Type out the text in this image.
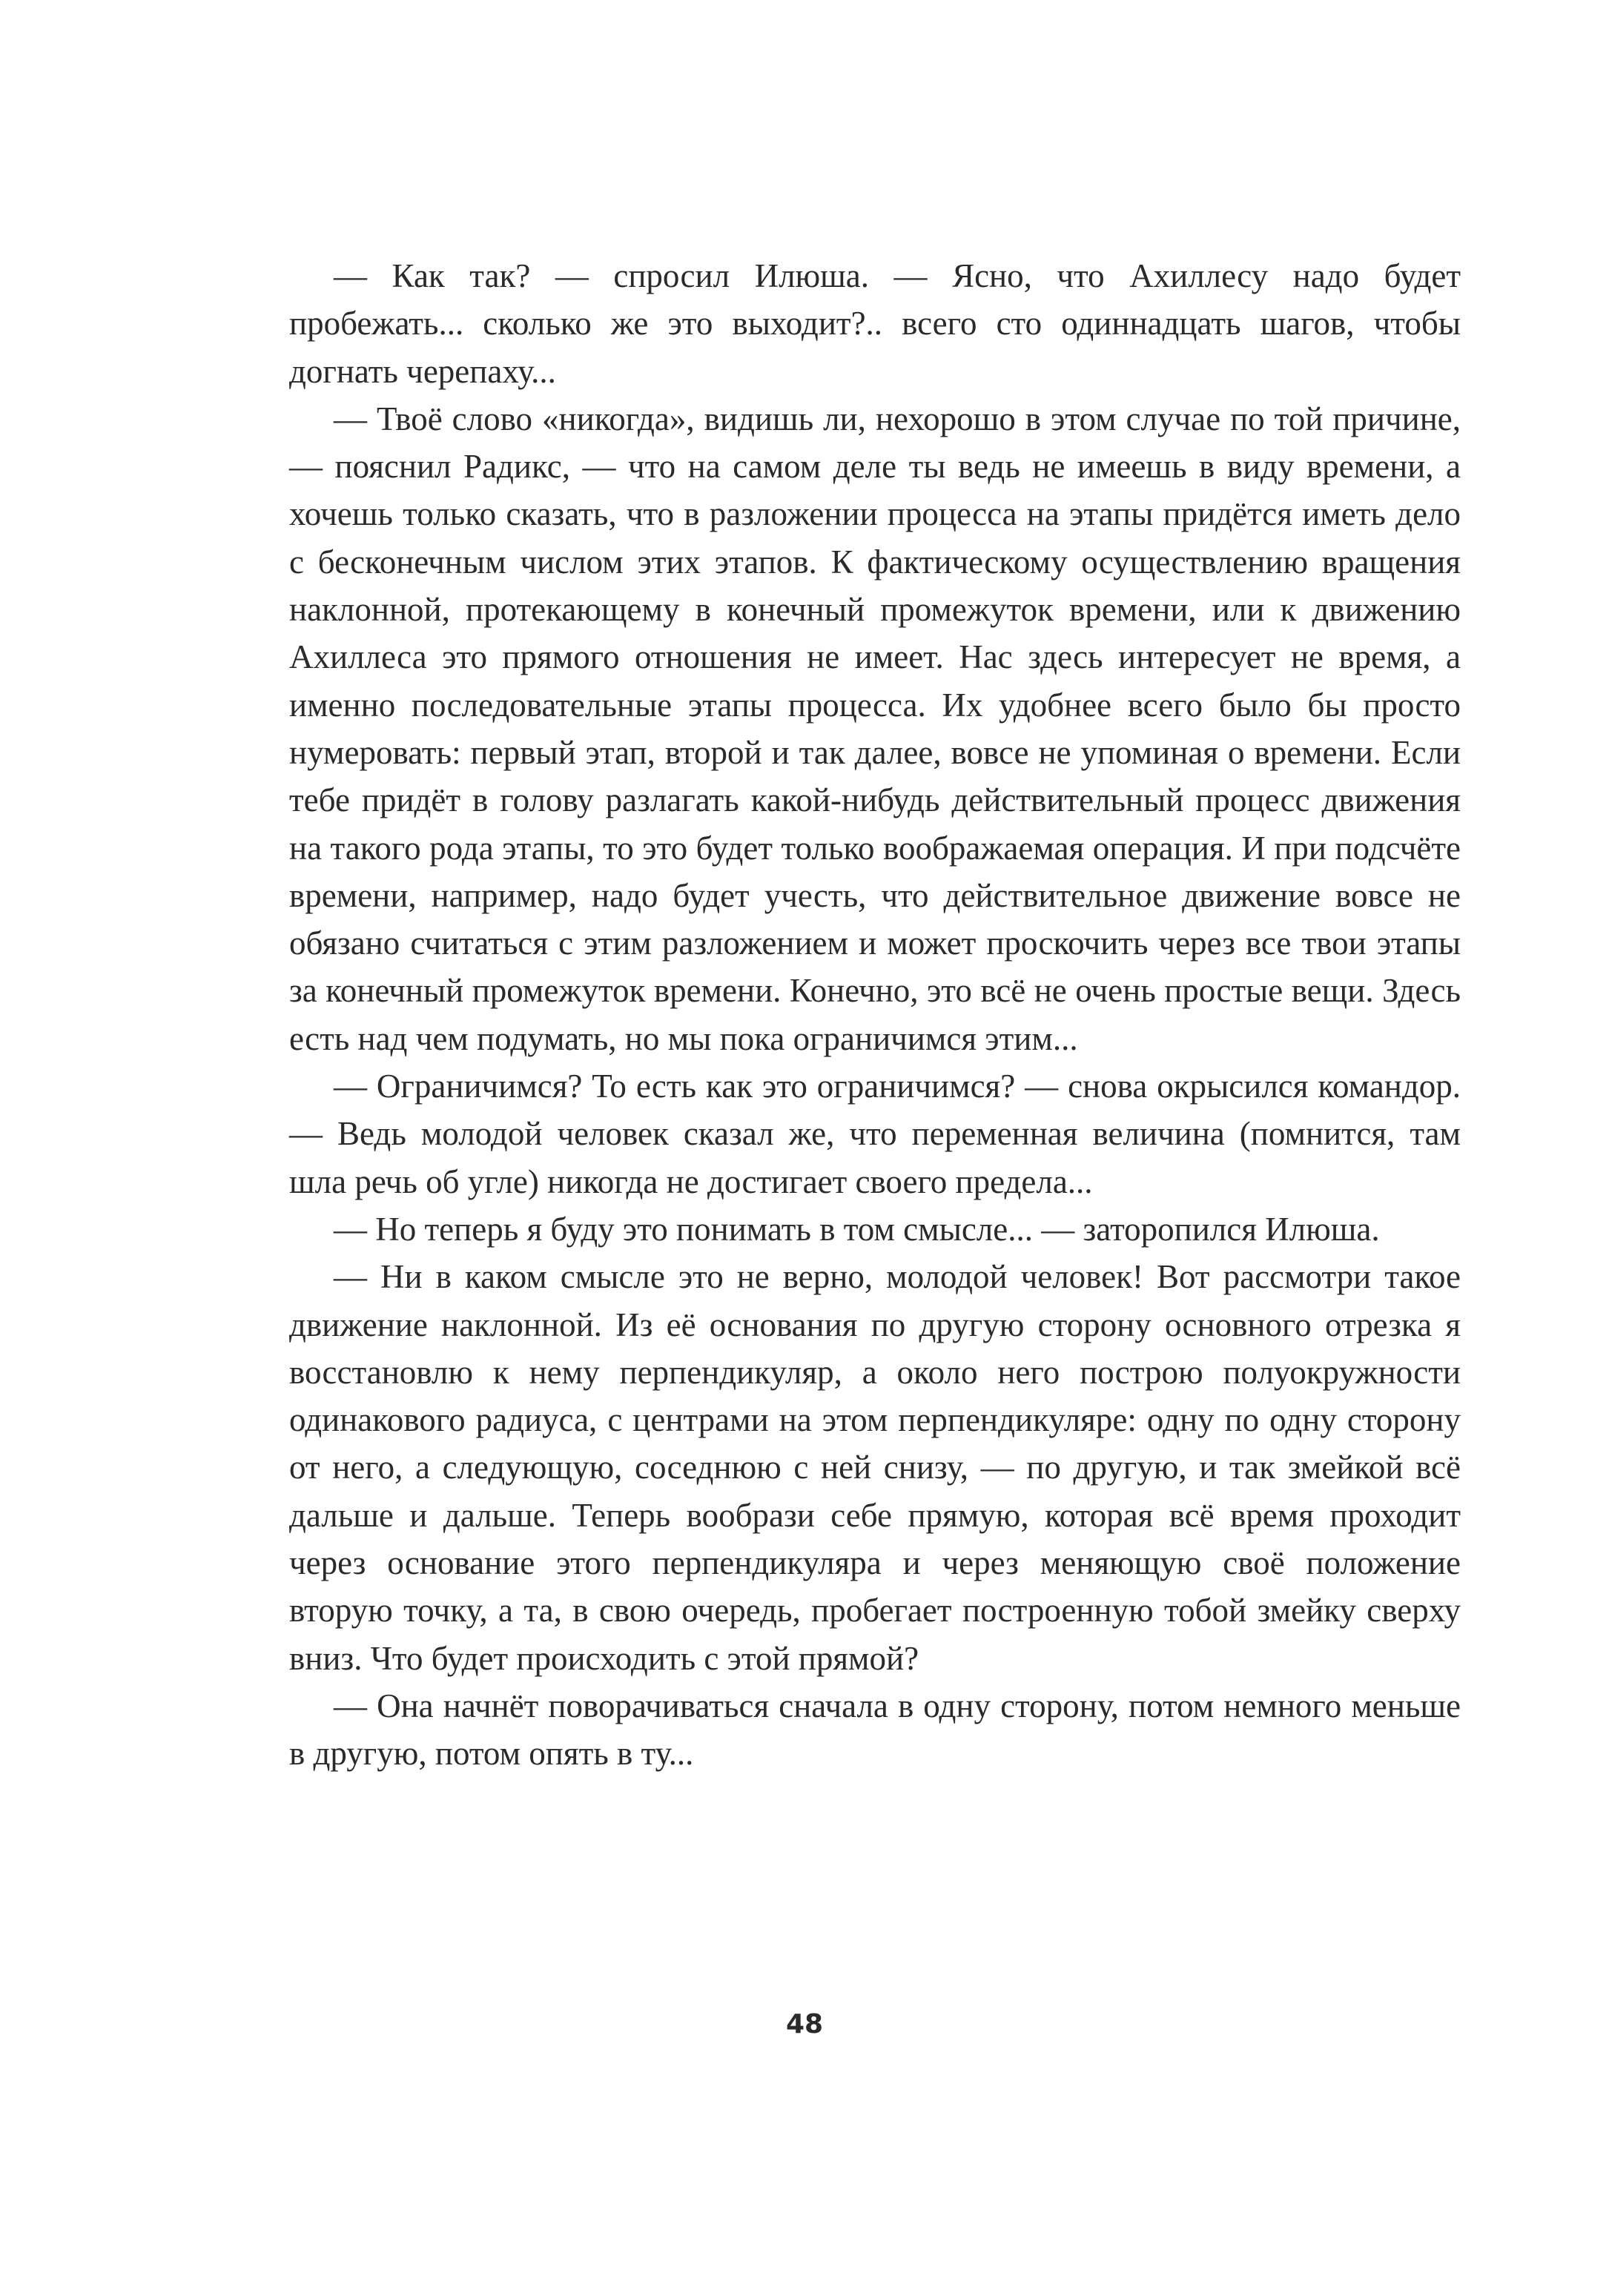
— Как так? — спросил Илюша. — Ясно, что Ахиллесу надо будет пробежать... сколько же это выходит?.. всего сто одиннадцать шагов, чтобы догнать черепаху...

— Твоё слово «никогда», видишь ли, нехорошо в этом случае по той причине, — пояснил Радикс, — что на самом деле ты ведь не имеешь в виду времени, а хочешь только сказать, что в разложении процесса на этапы придётся иметь дело с бесконечным числом этих этапов. К фактическому осуществлению вращения наклонной, протекающему в конечный промежуток времени, или к движению Ахиллеса это прямого отношения не имеет. Нас здесь интересует не время, а именно последовательные этапы процесса. Их удобнее всего было бы просто нумеровать: первый этап, второй и так далее, вовсе не упоминая о времени. Если тебе придёт в голову разлагать какой-нибудь действительный процесс движения на такого рода этапы, то это будет только воображаемая операция. И при подсчёте времени, например, надо будет учесть, что действительное движение вовсе не обязано считаться с этим разложением и может проскочить через все твои этапы за конечный промежуток времени. Конечно, это всё не очень простые вещи. Здесь есть над чем подумать, но мы пока ограничимся этим...

— Ограничимся? То есть как это ограничимся? — снова окрысился командор. — Ведь молодой человек сказал же, что переменная величина (помнится, там шла речь об угле) никогда не достигает своего предела...

— Но теперь я буду это понимать в том смысле... — заторопился Илюша.

— Ни в каком смысле это не верно, молодой человек! Вот рассмотри такое движение наклонной. Из её основания по другую сторону основного отрезка я восстановлю к нему перпендикуляр, а около него построю полуокружности одинакового радиуса, с центрами на этом перпендикуляре: одну по одну сторону от него, а следующую, соседнюю с ней снизу, — по другую, и так змейкой всё дальше и дальше. Теперь вообрази себе прямую, которая всё время проходит через основание этого перпендикуляра и через меняющую своё положение вторую точку, а та, в свою очередь, пробегает построенную тобой змейку сверху вниз. Что будет происходить с этой прямой?

— Она начнёт поворачиваться сначала в одну сторону, потом немного меньше в другую, потом опять в ту...

48
